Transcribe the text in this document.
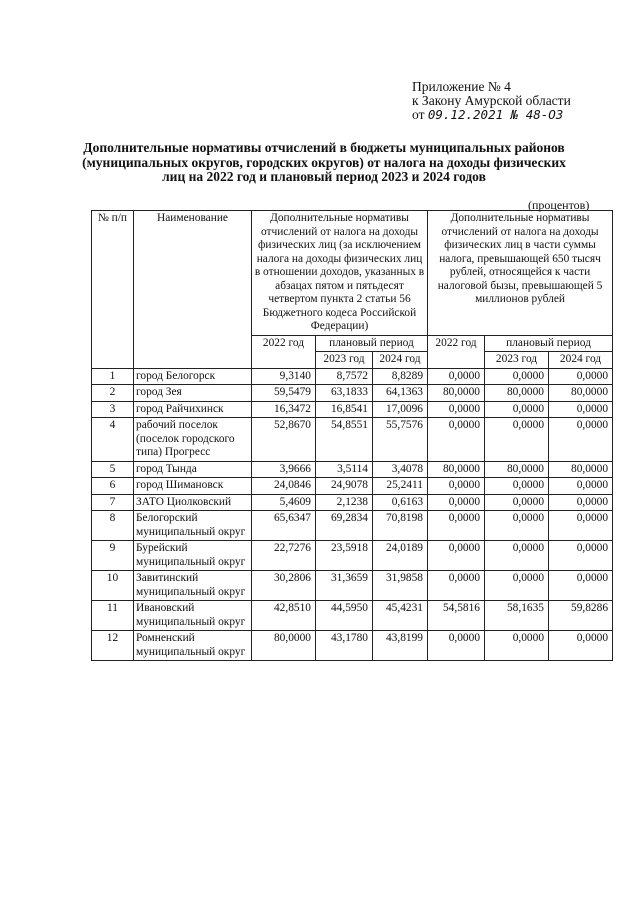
Приложение № 4
к Закону Амурской области
от 09.12.2021 № 48-ОЗ
Дополнительные нормативы отчислений в бюджеты муниципальных районов (муниципальных округов, городских округов) от налога на доходы физических лиц на 2022 год и плановый период 2023 и 2024 годов
(процентов)
№ п/п	Наименование	Дополнительные нормативы отчислений от налога на доходы физических лиц (за исключением налога на доходы физических лиц в отношении доходов, указанных в абзацах пятом и пятьдесят четвертом пункта 2 статьи 56 Бюджетного кодеса Российской Федерации)			Дополнительные нормативы отчислений от налога на доходы физических лиц в части суммы налога, превышающей 650 тысяч рублей, относящейся к части налоговой бызы, превышающей 5 миллионов рублей		
		2022 год	плановый период		2022 год	плановый период	
			2023 год	2024 год		2023 год	2024 год
1	город Белогорск	9,3140	8,7572	8,8289	0,0000	0,0000	0,0000
2	город Зея	59,5479	63,1833	64,1363	80,0000	80,0000	80,0000
3	город Райчихинск	16,3472	16,8541	17,0096	0,0000	0,0000	0,0000
4	рабочий поселок (поселок городского типа) Прогресс	52,8670	54,8551	55,7576	0,0000	0,0000	0,0000
5	город Тында	3,9666	3,5114	3,4078	80,0000	80,0000	80,0000
6	город Шимановск	24,0846	24,9078	25,2411	0,0000	0,0000	0,0000
7	ЗАТО Циолковский	5,4609	2,1238	0,6163	0,0000	0,0000	0,0000
8	Белогорский муниципальный округ	65,6347	69,2834	70,8198	0,0000	0,0000	0,0000
9	Бурейский муниципальный округ	22,7276	23,5918	24,0189	0,0000	0,0000	0,0000
10	Завитинский муниципальный округ	30,2806	31,3659	31,9858	0,0000	0,0000	0,0000
11	Ивановский муниципальный округ	42,8510	44,5950	45,4231	54,5816	58,1635	59,8286
12	Ромненский муниципальный округ	80,0000	43,1780	43,8199	0,0000	0,0000	0,0000
